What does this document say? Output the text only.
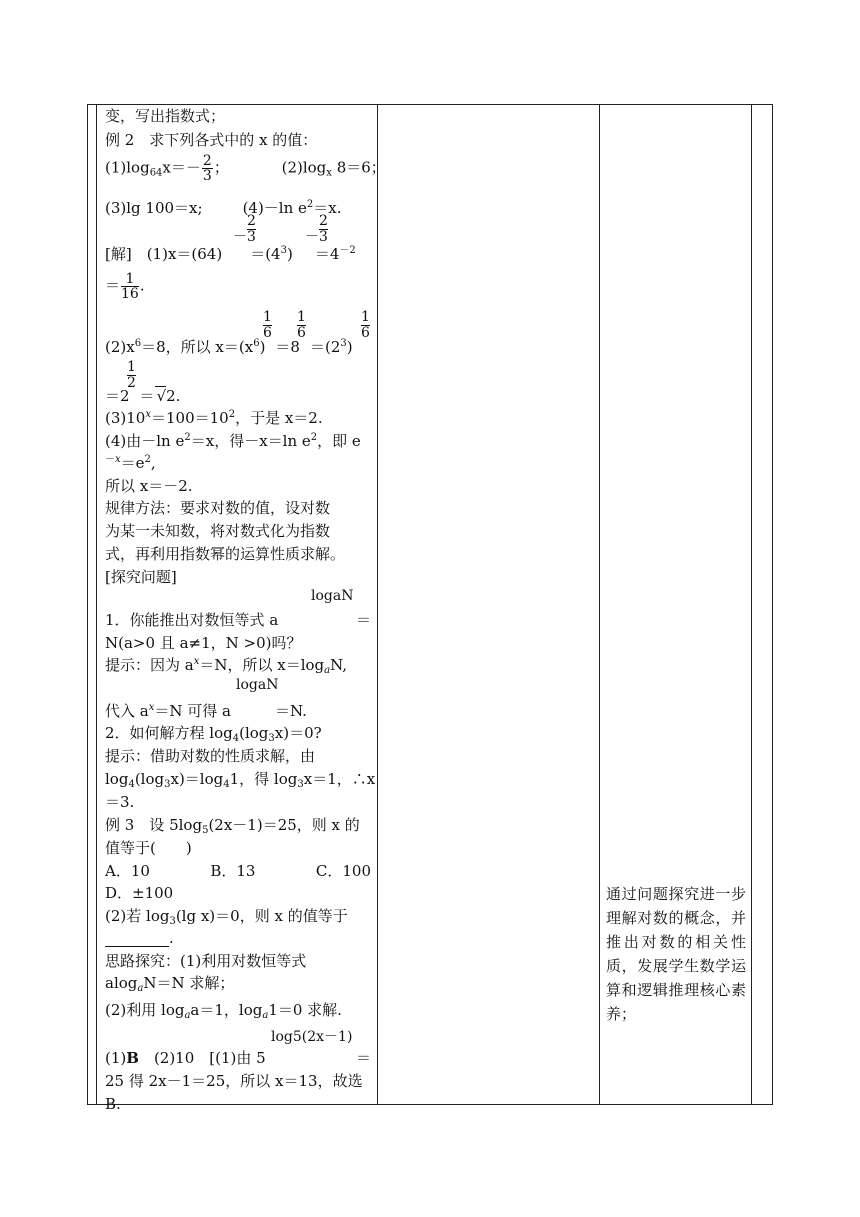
变，写出指数式；
例 2　求下列各式中的 x 的值：
$(1)\log_{64}x=- \frac{2}{3}$ ；	$(2)\log_x$ 8＝6；
(3)lg 100＝x;	(4)－ln $e^2=x$.
－
2
3	－
2
3
[解]　$(1)x=(64) =(4^3) =4^{-2}$
＝ $\frac{1}{16}$ .
1
6
1
6
1
6
$(2)x^6=8$，所以 $x=(x^6) =8 =(2^3)$
1
2
＝2 ＝ √2.
$(3)10^x=100=10^2$，于是 x＝2.
(4)由－ln $e^2=x$，得－x＝ln $e^2$，即 e
$^{-x}=e^2$,
所以 x＝－2.
规律方法：要求对数的值，设对数
为某一未知数，将对数式化为指数
式，再利用指数幂的运算性质求解。
[探究问题]
logaN
1．你能推出对数恒等式 a	＝
N(a>0 且 a≠1，N >0)吗？
提示：因为 $a^x=N$，所以 $x=\log_aN$,
logaN
代入 $a^x=N$ 可得 a	＝N.
2．如何解方程 $\log_4(\log_3x)=0$?
提示：借助对数的性质求解，由
$\log_4(\log_3x)=\log_41$，得 $\log_3x=1$，∴x
＝3.
例 3　设 $5\log_5(2x-1)=25$，则 x 的
值等于(　　)
A．10	B．13	C．100
D．±100
(2)若 $\log_3(\lg$ x)＝0，则 x 的值等于
.
思路探究：(1)利用对数恒等式
alog$_a$N＝N 求解；
(2)利用 $\log_aa=1$，$\log_a1=0$ 求解.
log5(2x－1)
(1)B　(2)10　[(1)由 5	＝
25 得 2x－1＝25，所以 x＝13，故选
B.
通过问题探究进一步理解对数的概念，并推出对数的相关性质，发展学生数学运算和逻辑推理核心素养；
